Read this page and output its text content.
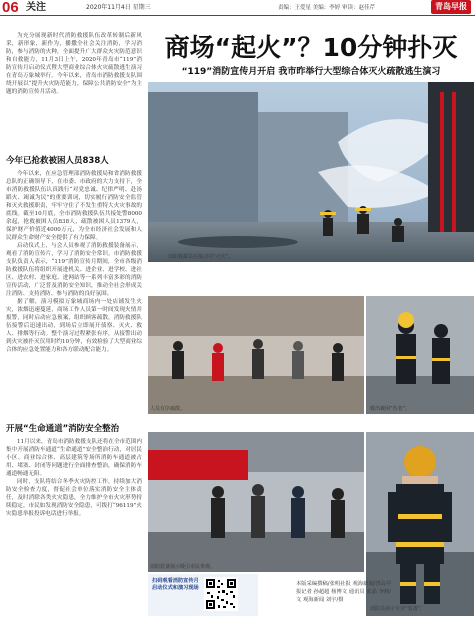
06 关注	2020年11月4日 星期三	责编：王爱星 美编：李婷 审读：赵佳芹	青岛早报
商场“起火”？10分钟扑灭
“119”消防宣传月开启 我市昨举行大型综合体灭火疏散逃生演习

为充分展现新时代消防救援队伍改革转制后新风采，新形象，新作为，播撒全社会关注消防，学习消防，参与消防的火种，全面提升广大群众火灾防范意识和自救能力，11月3日上午，2020年青岛市“119”消防宣传月启动仪式暨大型商业综合体火灾疏散逃生演习在青岛万象城举行。今年以来，青岛市消防救援支队围绕开展以“提升火灾防范能力，保障公共消防安全”为主题的消防宣传月活动。

今年已抢救被困人员838人

今年以来，在应急管理部消防救援局和省消防救援总队的正确领导下，在市委、市政府的大力支持下，全市消防救援队伍认真践行“对党忠诚、纪律严明、赴汤蹈火、竭诚为民”的重要训词，切实履行消防安全监管和灭火救援职责，牢牢守住了不发生重特大火灾事故的底线。截至10月底，全市消防救援队伍共接处警8000余起，抢救被困人员838人，疏散被困人员1379人，保护财产价值近4000万元，为全市经济社会发展和人民群众生命财产安全提供了有力保障。

启动仪式上，与会人员参观了消防救援装备展示，观看了消防宣传片，学习了消防安全常识。市消防救援支队负责人表示，“119”消防宣传月期间，全市各级消防救援队伍将组织开展进机关、进企业、进学校、进社区、进农村、进家庭、进网站等一系列丰富多彩的消防宣传活动，广泛普及消防安全知识，推动全社会形成关注消防、支持消防、参与消防的良好氛围。

据了解，演习模拟万象城商场内一处店铺发生火灾，浓烟迅速蔓延，商场工作人员第一时间发现火情并报警，同时启动应急预案，组织顾客疏散。消防救援队伍接警后迅速出动，到场后立即展开侦察、灭火、救人、排烟等行动。整个演习过程紧张有序，从接警出动到火灾被扑灭仅用时约10分钟，有效检验了大型商业综合体的应急处置能力和各方联动配合能力。

开展“生命通道”消防安全整治

11月以来，青岛市消防救援支队还将在全市范围内集中开展消防车通道“生命通道”安全整治行动，对居民小区、商业综合体、高层建筑等场所消防车通道被占用、堵塞、封闭等问题进行全面排查整治，确保消防车通道畅通无阻。

同时，支队将结合冬季火灾防控工作，持续加大消防安全检查力度，督促社会单位落实消防安全主体责任，及时消除各类火灾隐患，全力维护全市火灾形势持续稳定。市民如发现消防安全隐患，可拨打“96119”火灾隐患举报投诉电话进行举报。

消防救援员在演习中“灭火”。
人员有序疏散。	救出被困“伤者”。
消防装备展示吸引市民参观。
消防员展示专业“装备”。
扫码观看消防宣传月启动仪式和演习现场
本版采编撰稿/张明社报 观海新闻/青岛早报记者 孙超超 杨博文 通讯员 张晶 李莉/文 观海新闻 刘宇/摄
